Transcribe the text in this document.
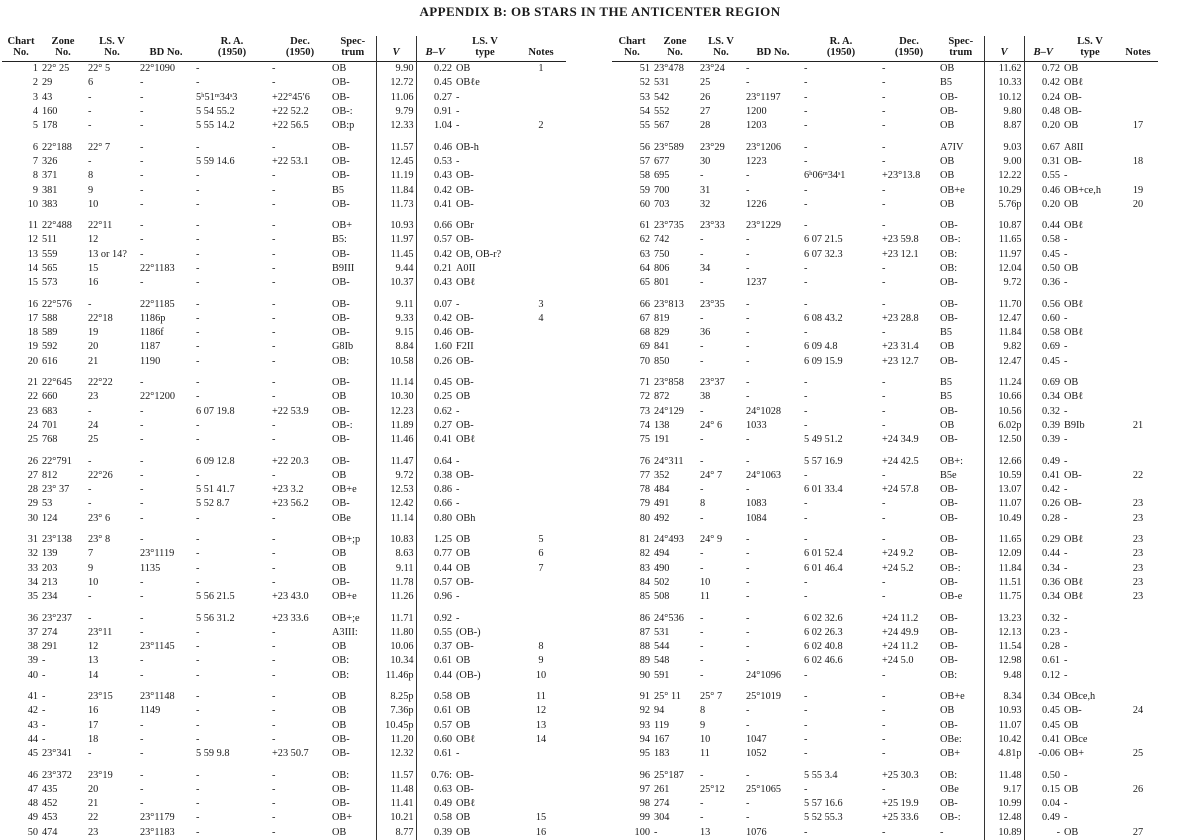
APPENDIX B: OB STARS IN THE ANTICENTER REGION
Chart
No.	Zone
No.	LS. V
No.	BD No.	R. A.
(1950)	Dec.
(1950)	Spec-
trum	V	B–V	LS. V
type	Notes
1	22° 25	22° 5	22°1090	-	-	OB	9.90	0.22	OB	1
2	29	6	-	-	-	OB-	12.72	0.45	OBℓe	
3	43	-	-	5ʰ51ᵐ34ˢ3	+22°45′6	OB-	11.06	0.27	-	
4	160	-	-	5 54 55.2	+22 52.2	OB-:	9.79	0.91	-	
5	178	-	-	5 55 14.2	+22 56.5	OB:p	12.33	1.04	-	2
6	22°188	22° 7	-	-	-	OB-	11.57	0.46	OB-h	
7	326	-	-	5 59 14.6	+22 53.1	OB-	12.45	0.53	-	
8	371	8	-	-	-	OB-	11.19	0.43	OB-	
9	381	9	-	-	-	B5	11.84	0.42	OB-	
10	383	10	-	-	-	OB-	11.73	0.41	OB-	
11	22°488	22°11	-	-	-	OB+	10.93	0.66	OBr	
12	511	12	-	-	-	B5:	11.97	0.57	OB-	
13	559	13 or 14?	-	-	-	OB-	11.45	0.42	OB, OB-r?	
14	565	15	22°1183	-	-	B9III	9.44	0.21	A0II	
15	573	16	-	-	-	OB-	10.37	0.43	OBℓ	
16	22°576	-	22°1185	-	-	OB-	9.11	0.07	-	3
17	588	22°18	1186p	-	-	OB-	9.33	0.42	OB-	4
18	589	19	1186f	-	-	OB-	9.15	0.46	OB-	
19	592	20	1187	-	-	G8Ib	8.84	1.60	F2II	
20	616	21	1190	-	-	OB:	10.58	0.26	OB-	
21	22°645	22°22	-	-	-	OB-	11.14	0.45	OB-	
22	660	23	22°1200	-	-	OB	10.30	0.25	OB	
23	683	-	-	6 07 19.8	+22 53.9	OB-	12.23	0.62	-	
24	701	24	-	-	-	OB-:	11.89	0.27	OB-	
25	768	25	-	-	-	OB-	11.46	0.41	OBℓ	
26	22°791	-	-	6 09 12.8	+22 20.3	OB-	11.47	0.64	-	
27	812	22°26	-	-	-	OB	9.72	0.38	OB-	
28	23° 37	-	-	5 51 41.7	+23 3.2	OB+e	12.53	0.86	-	
29	53	-	-	5 52 8.7	+23 56.2	OB-	12.42	0.66	-	
30	124	23° 6	-	-	-	OBe	11.14	0.80	OBh	
31	23°138	23° 8	-	-	-	OB+;p	10.83	1.25	OB	5
32	139	7	23°1119	-	-	OB	8.63	0.77	OB	6
33	203	9	1135	-	-	OB	9.11	0.44	OB	7
34	213	10	-	-	-	OB-	11.78	0.57	OB-	
35	234	-	-	5 56 21.5	+23 43.0	OB+e	11.26	0.96	-	
36	23°237	-	-	5 56 31.2	+23 33.6	OB+;e	11.71	0.92	-	
37	274	23°11	-	-	-	A3III:	11.80	0.55	(OB-)	
38	291	12	23°1145	-	-	OB	10.06	0.37	OB-	8
39	-	13	-	-	-	OB:	10.34	0.61	OB	9
40	-	14	-	-	-	OB:	11.46p	0.44	(OB-)	10
41	-	23°15	23°1148	-	-	OB	8.25p	0.58	OB	11
42	-	16	1149	-	-	OB	7.36p	0.61	OB	12
43	-	17	-	-	-	OB	10.45p	0.57	OB	13
44	-	18	-	-	-	OB-	11.20	0.60	OBℓ	14
45	23°341	-	-	5 59 9.8	+23 50.7	OB-	12.32	0.61	-	
46	23°372	23°19	-	-	-	OB:	11.57	0.76:	OB-	
47	435	20	-	-	-	OB-	11.48	0.63	OB-	
48	452	21	-	-	-	OB-	11.41	0.49	OBℓ	
49	453	22	23°1179	-	-	OB+	10.21	0.58	OB	15
50	474	23	23°1183	-	-	OB	8.77	0.39	OB	16
Chart
No.	Zone
No.	LS. V
No.	BD No.	R. A.
(1950)	Dec.
(1950)	Spec-
trum	V	B–V	LS. V
type	Notes
51	23°478	23°24	-	-	-	OB	11.62	0.72	OB	
52	531	25	-	-	-	B5	10.33	0.42	OBℓ	
53	542	26	23°1197	-	-	OB-	10.12	0.24	OB-	
54	552	27	1200	-	-	OB-	9.80	0.48	OB-	
55	567	28	1203	-	-	OB	8.87	0.20	OB	17
56	23°589	23°29	23°1206	-	-	A7IV	9.03	0.67	A8II	
57	677	30	1223	-	-	OB	9.00	0.31	OB-	18
58	695	-	-	6ʰ06ᵐ34ˢ1	+23°13.8	OB	12.22	0.55	-	
59	700	31	-	-	-	OB+e	10.29	0.46	OB+ce,h	19
60	703	32	1226	-	-	OB	5.76p	0.20	OB	20
61	23°735	23°33	23°1229	-	-	OB-	10.87	0.44	OBℓ	
62	742	-	-	6 07 21.5	+23 59.8	OB-:	11.65	0.58	-	
63	750	-	-	6 07 32.3	+23 12.1	OB:	11.97	0.45	-	
64	806	34	-	-	-	OB:	12.04	0.50	OB	
65	801	-	1237	-	-	OB-	9.72	0.36	-	
66	23°813	23°35	-	-	-	OB-	11.70	0.56	OBℓ	
67	819	-	-	6 08 43.2	+23 28.8	OB-	12.47	0.60	-	
68	829	36	-	-	-	B5	11.84	0.58	OBℓ	
69	841	-	-	6 09 4.8	+23 31.4	OB	9.82	0.69	-	
70	850	-	-	6 09 15.9	+23 12.7	OB-	12.47	0.45	-	
71	23°858	23°37	-	-	-	B5	11.24	0.69	OB	
72	872	38	-	-	-	B5	10.66	0.34	OBℓ	
73	24°129	-	24°1028	-	-	OB-	10.56	0.32	-	
74	138	24° 6	1033	-	-	OB	6.02p	0.39	B9Ib	21
75	191	-	-	5 49 51.2	+24 34.9	OB-	12.50	0.39	-	
76	24°311	-	-	5 57 16.9	+24 42.5	OB+:	12.66	0.49	-	
77	352	24° 7	24°1063	-	-	B5e	10.59	0.41	OB-	22
78	484	-	-	6 01 33.4	+24 57.8	OB-	13.07	0.42	-	
79	491	8	1083	-	-	OB-	11.07	0.26	OB-	23
80	492	-	1084	-	-	OB-	10.49	0.28	-	23
81	24°493	24° 9	-	-	-	OB-	11.65	0.29	OBℓ	23
82	494	-	-	6 01 52.4	+24 9.2	OB-	12.09	0.44	-	23
83	490	-	-	6 01 46.4	+24 5.2	OB-:	11.84	0.34	-	23
84	502	10	-	-	-	OB-	11.51	0.36	OBℓ	23
85	508	11	-	-	-	OB-e	11.75	0.34	OBℓ	23
86	24°536	-	-	6 02 32.6	+24 11.2	OB-	13.23	0.32	-	
87	531	-	-	6 02 26.3	+24 49.9	OB-	12.13	0.23	-	
88	544	-	-	6 02 40.8	+24 11.2	OB-	11.54	0.28	-	
89	548	-	-	6 02 46.6	+24 5.0	OB-	12.98	0.61	-	
90	591	-	24°1096	-	-	OB:	9.48	0.12	-	
91	25° 11	25° 7	25°1019	-	-	OB+e	8.34	0.34	OBce,h	
92	94	8	-	-	-	OB	10.93	0.45	OB-	24
93	119	9	-	-	-	OB-	11.07	0.45	OB	
94	167	10	1047	-	-	OBe:	10.42	0.41	OBce	
95	183	11	1052	-	-	OB+	4.81p	-0.06	OB+	25
96	25°187	-	-	5 55 3.4	+25 30.3	OB:	11.48	0.50	-	
97	261	25°12	25°1065	-	-	OBe	9.17	0.15	OB	26
98	274	-	-	5 57 16.6	+25 19.9	OB-	10.99	0.04	-	
99	304	-	-	5 52 55.3	+25 33.6	OB-:	12.48	0.49	-	
100	-	13	1076	-	-	-	10.89	-	OB	27
